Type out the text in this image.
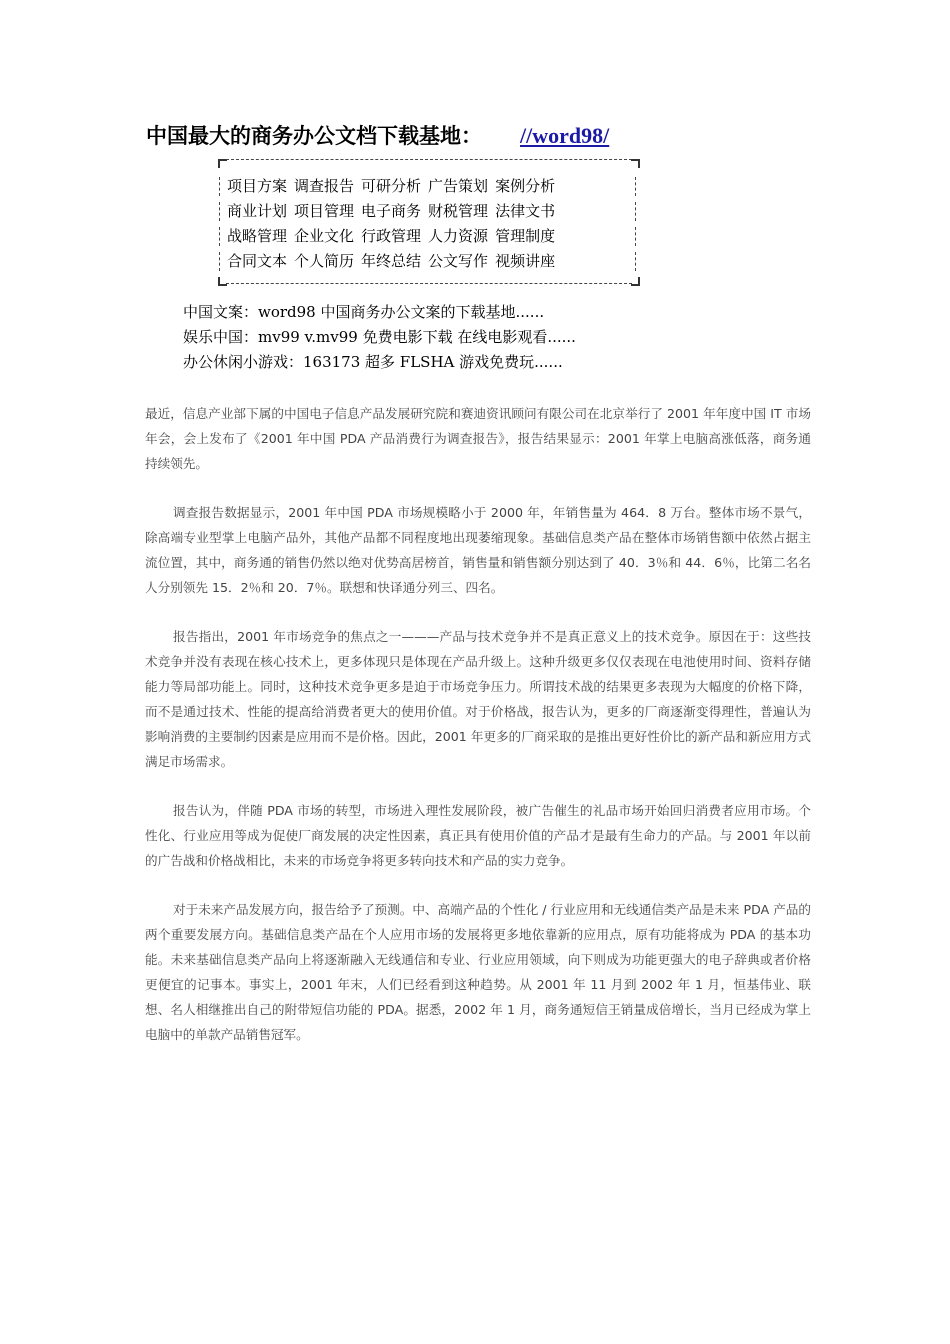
中国最大的商务办公文档下载基地： //word98/
项目方案 调查报告 可研分析 广告策划 案例分析
商业计划 项目管理 电子商务 财税管理 法律文书
战略管理 企业文化 行政管理 人力资源 管理制度
合同文本 个人简历 年终总结 公文写作 视频讲座
中国文案：word98 中国商务办公文案的下载基地......
娱乐中国：mv99 v.mv99 免费电影下载 在线电影观看......
办公休闲小游戏：163173 超多 FLSHA 游戏免费玩......

最近，信息产业部下属的中国电子信息产品发展研究院和赛迪资讯顾问有限公司在北京举行了 2001 年年度中国 IT 市场年会，会上发布了《2001 年中国 PDA 产品消费行为调查报告》，报告结果显示：2001 年掌上电脑高涨低落，商务通持续领先。

调查报告数据显示，2001 年中国 PDA 市场规模略小于 2000 年，年销售量为 464．8 万台。整体市场不景气，除高端专业型掌上电脑产品外，其他产品都不同程度地出现萎缩现象。基础信息类产品在整体市场销售额中依然占据主流位置，其中，商务通的销售仍然以绝对优势高居榜首，销售量和销售额分别达到了 40．3％和 44．6％，比第二名名人分别领先 15．2％和 20．7％。联想和快译通分列三、四名。

报告指出，2001 年市场竞争的焦点之一———产品与技术竞争并不是真正意义上的技术竞争。原因在于：这些技术竞争并没有表现在核心技术上，更多体现只是体现在产品升级上。这种升级更多仅仅表现在电池使用时间、资料存储能力等局部功能上。同时，这种技术竞争更多是迫于市场竞争压力。所谓技术战的结果更多表现为大幅度的价格下降，而不是通过技术、性能的提高给消费者更大的使用价值。对于价格战，报告认为，更多的厂商逐渐变得理性，普遍认为影响消费的主要制约因素是应用而不是价格。因此，2001 年更多的厂商采取的是推出更好性价比的新产品和新应用方式满足市场需求。

报告认为，伴随 PDA 市场的转型，市场进入理性发展阶段，被广告催生的礼品市场开始回归消费者应用市场。个性化、行业应用等成为促使厂商发展的决定性因素，真正具有使用价值的产品才是最有生命力的产品。与 2001 年以前的广告战和价格战相比，未来的市场竞争将更多转向技术和产品的实力竞争。

对于未来产品发展方向，报告给予了预测。中、高端产品的个性化 / 行业应用和无线通信类产品是未来 PDA 产品的两个重要发展方向。基础信息类产品在个人应用市场的发展将更多地依靠新的应用点，原有功能将成为 PDA 的基本功能。未来基础信息类产品向上将逐渐融入无线通信和专业、行业应用领域，向下则成为功能更强大的电子辞典或者价格更便宜的记事本。事实上，2001 年末，人们已经看到这种趋势。从 2001 年 11 月到 2002 年 1 月，恒基伟业、联想、名人相继推出自己的附带短信功能的 PDA。据悉，2002 年 1 月，商务通短信王销量成倍增长，当月已经成为掌上电脑中的单款产品销售冠军。
